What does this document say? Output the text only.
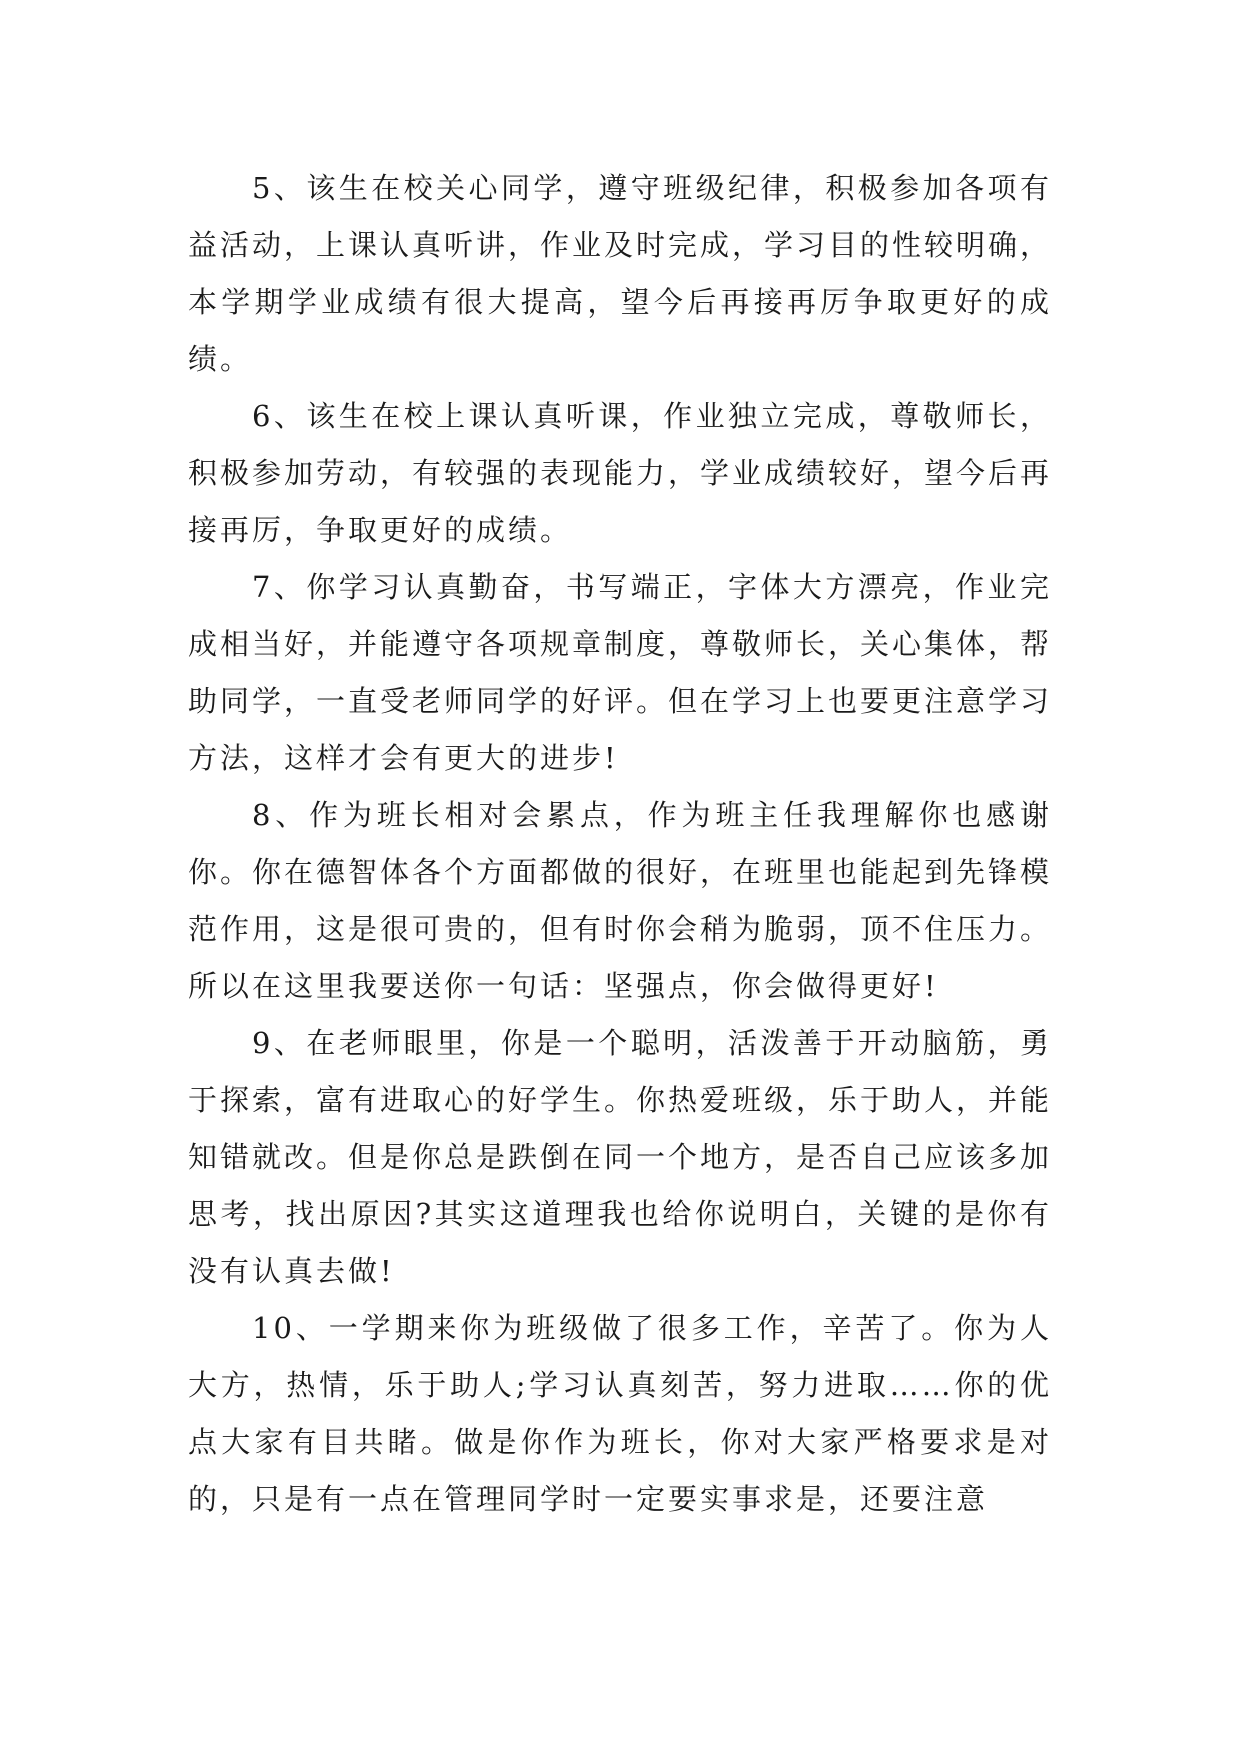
5、该生在校关心同学，遵守班级纪律，积极参加各项有益活动，上课认真听讲，作业及时完成，学习目的性较明确，本学期学业成绩有很大提高，望今后再接再厉争取更好的成绩。

6、该生在校上课认真听课，作业独立完成，尊敬师长，积极参加劳动，有较强的表现能力，学业成绩较好，望今后再接再厉，争取更好的成绩。

7、你学习认真勤奋，书写端正，字体大方漂亮，作业完成相当好，并能遵守各项规章制度，尊敬师长，关心集体，帮助同学，一直受老师同学的好评。但在学习上也要更注意学习方法，这样才会有更大的进步!

8、作为班长相对会累点，作为班主任我理解你也感谢你。你在德智体各个方面都做的很好，在班里也能起到先锋模范作用，这是很可贵的，但有时你会稍为脆弱，顶不住压力。所以在这里我要送你一句话：坚强点，你会做得更好!

9、在老师眼里，你是一个聪明，活泼善于开动脑筋，勇于探索，富有进取心的好学生。你热爱班级，乐于助人，并能知错就改。但是你总是跌倒在同一个地方，是否自己应该多加思考，找出原因?其实这道理我也给你说明白，关键的是你有没有认真去做!

10、一学期来你为班级做了很多工作，辛苦了。你为人大方，热情，乐于助人;学习认真刻苦，努力进取……你的优点大家有目共睹。做是你作为班长，你对大家严格要求是对的，只是有一点在管理同学时一定要实事求是，还要注意
